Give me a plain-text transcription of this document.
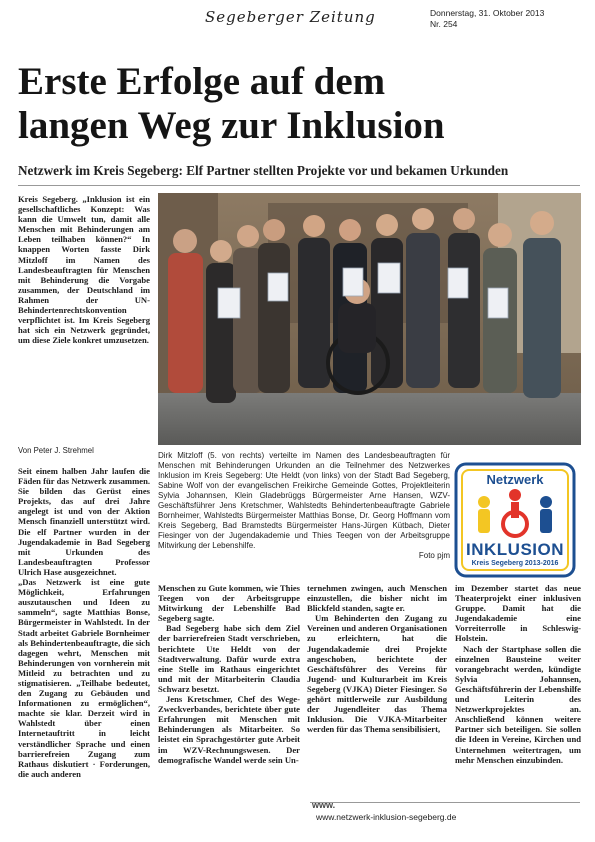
Segeberger Zeitung	Donnerstag, 31. Oktober 2013
Nr. 254
Erste Erfolge auf dem
langen Weg zur Inklusion
Netzwerk im Kreis Segeberg: Elf Partner stellten Projekte vor und bekamen Urkunden

Kreis Segeberg. „Inklusion ist ein gesellschaftliches Konzept: Was kann die Umwelt tun, damit alle Menschen mit Behinderungen am Leben teilhaben können?“ In knappen Worten fasste Dirk Mitzloff im Namen des Landesbeauftragten für Menschen mit Behinderung die Vorgabe zusammen, der Deutschland im Rahmen der UN-Behindertenrechtskonvention verpflichtet ist. Im Kreis Segeberg hat sich ein Netzwerk gegründet, um diese Ziele konkret umzusetzen.

Von Peter J. Strehmel

Seit einem halben Jahr laufen die Fäden für das Netzwerk zusammen. Sie bilden das Gerüst eines Projekts, das auf drei Jahre angelegt ist und von der Aktion Mensch finanziell unterstützt wird. Die elf Partner wurden in der Jugendakademie in Bad Segeberg mit Urkunden des Landesbeauftragten Professor Ulrich Hase ausgezeichnet.

„Das Netzwerk ist eine gute Möglichkeit, Erfahrungen auszutauschen und Ideen zu sammeln“, sagte Matthias Bonse, Bürgermeister in Wahlstedt. In der Stadt arbeitet Gabriele Bornheimer als Behindertenbeauftragte, die sich dagegen wehrt, Menschen mit Behinderungen von vornherein mit Mitleid zu betrachten und zu stigmatisieren. „Teilhabe bedeutet, den Zugang zu Gebäuden und Informationen zu ermöglichen“, machte sie klar. Derzeit wird in Wahlstedt über einen Internetauftritt in leicht verständlicher Sprache und einen barrierefreien Zugang zum Rathaus diskutiert · Forderungen, die auch anderen

Dirk Mitzloff (5. von rechts) verteilte im Namen des Landesbeauftragten für Menschen mit Behinderungen Urkunden an die Teilnehmer des Netzwerkes Inklusion im Kreis Segeberg: Ute Heldt (von links) von der Stadt Bad Segeberg, Sabine Wolf von der evangelischen Freikirche Gemeinde Gottes, Projektleiterin Sylvia Johannsen, Klein Gladebrüggs Bürgermeister Arne Hansen, WZV-Geschäftsführer Jens Kretschmer, Wahlstedts Behindertenbeauftragte Gabriele Bornheimer, Wahlstedts Bürgermeister Matthias Bonse, Dr. Georg Hoffmann vom Kreis Segeberg, Bad Bramstedts Bürgermeister Hans-Jürgen Kütbach, Dieter Fiesinger von der Jugendakademie und Thies Teegen von der Arbeitsgruppe Mitwirkung der Lebenshilfe.
Foto pjm
Netzwerk
INKLUSION
Kreis Segeberg 2013-2016

Menschen zu Gute kommen, wie Thies Teegen von der Arbeitsgruppe Mitwirkung der Lebenshilfe Bad Segeberg sagte.

Bad Segeberg habe sich dem Ziel der barrierefreien Stadt verschrieben, berichtete Ute Heldt von der Stadtverwaltung. Dafür wurde extra eine Stelle im Rathaus eingerichtet und mit der Mitarbeiterin Claudia Schwarz besetzt.

Jens Kretschmer, Chef des Wege-Zweckverbandes, berichtete über gute Erfahrungen mit Menschen mit Behinderungen als Mitarbeiter. So leistet ein Sprachgestörter gute Arbeit im WZV-Rechnungswesen. Der demografische Wandel werde sein Un-

ternehmen zwingen, auch Menschen einzustellen, die bisher nicht im Blickfeld standen, sagte er.

Um Behinderten den Zugang zu Vereinen und anderen Organisationen zu erleichtern, hat die Jugendakademie drei Projekte angeschoben, berichtete der Geschäftsführer des Vereins für Jugend- und Kulturarbeit im Kreis Segeberg (VJKA) Dieter Fiesinger. So gehört mittlerweile zur Ausbildung der Jugendleiter das Thema Inklusion. Die VJKA-Mitarbeiter werden für das Thema sensibilisiert,

im Dezember startet das neue Theaterprojekt einer inklusiven Gruppe. Damit hat die Jugendakademie eine Vorreiterrolle in Schleswig-Holstein.

Nach der Startphase sollen die einzelnen Bausteine weiter vorangebracht werden, kündigte Sylvia Johannsen, Geschäftsführerin der Lebenshilfe und Leiterin des Netzwerkprojektes an. Anschließend können weitere Partner sich beteiligen. Sie sollen die Ideen in Vereine, Kirchen und Unternehmen weitertragen, um mehr Menschen einzubinden.

www.
www.netzwerk-inklusion-segeberg.de
